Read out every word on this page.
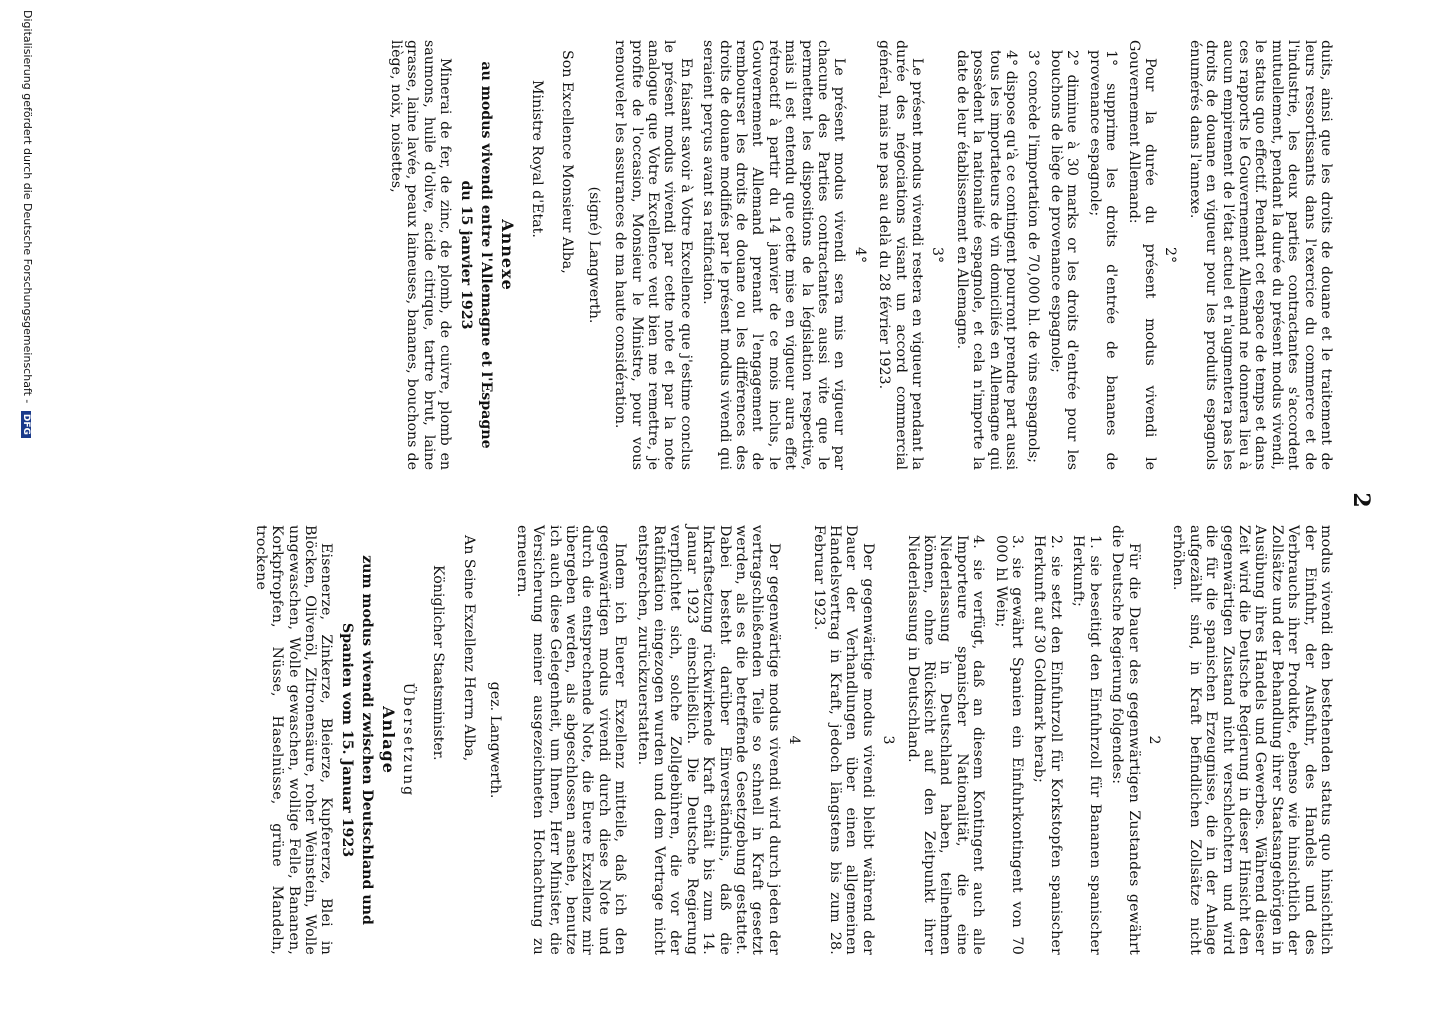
2

duits, ainsi que les droits de douane et le traitement de leurs ressortissants dans l'exercice du commerce et de l'industrie, les deux parties contractantes s'accordent mutuellement, pendant la durée du présent modus vivendi, le status quo effectif. Pendant cet espace de temps et dans ces rapports le Gouvernement Allemand ne donnera lieu à aucun empirement de l'état actuel et n'augmentera pas les droits de douane en vigueur pour les produits espagnols énumérés dans l'annexe.

2°

Pour la durée du présent modus vivendi le Gouvernement Allemand:

1° supprime les droits d'entrée de bananes de provenance espagnole;

2° diminue à 30 marks or les droits d'entrée pour les bouchons de liège de provenance espagnole;

3° concède l'importation de 70,000 hl. de vins espagnols;

4° dispose qu'à ce contingent pourront prendre part aussi tous les importateurs de vin domiciliés en Allemagne qui possèdent la nationalité espagnole, et cela n'importe la date de leur établissement en Allemagne.

3°

Le présent modus vivendi restera en vigueur pendant la durée des négociations visant un accord commercial général, mais ne pas au delà du 28 février 1923.

4°

Le présent modus vivendi sera mis en vigueur par chacune des Parties contractantes aussi vite que le permettent les dispositions de la législation respective, mais il est entendu que cette mise en vigueur aura effet rétroactif à partir du 14 janvier de ce mois inclus, le Gouvernement Allemand prenant l'engagement de rembourser les droits de douane ou les différences des droits de douane modifiés par le présent modus vivendi qui seraient perçus avant sa ratification.

En faisant savoir à Votre Excellence que j'estime conclus le présent modus vivendi par cette note et par la note analogue que Votre Excellence veut bien me remettre, je profite de l'occasion, Monsieur le Ministre, pour vous renouveler les assurances de ma haute considération.

(signé) Langwerth.
Son Excellence Monsieur Alba,
Ministre Royal d'Etat.
Annexe
au modus vivendi entre l'Allemagne et l'Espagne
du 15 janvier 1923

Minerai de fer, de zinc, de plomb, de cuivre, plomb en saumons, huile d'olive, acide citrique, tartre brut, laine grasse, laine lavée, peaux laineuses, bananes, bouchons de liège, noix, noisettes,

modus vivendi den bestehenden status quo hinsichtlich der Einfuhr, der Ausfuhr, des Handels und des Verbrauchs ihrer Produkte, ebenso wie hinsichtlich der Zollsätze und der Behandlung ihrer Staatsangehörigen in Ausübung ihres Handels und Gewerbes. Während dieser Zeit wird die Deutsche Regierung in dieser Hinsicht den gegenwärtigen Zustand nicht verschlechtern und wird die für die spanischen Erzeugnisse, die in der Anlage aufgezählt sind, in Kraft befindlichen Zollsätze nicht erhöhen.

2

Für die Dauer des gegenwärtigen Zustandes gewährt die Deutsche Regierung folgendes:

1. sie beseitigt den Einfuhrzoll für Bananen spanischer Herkunft;

2. sie setzt den Einfuhrzoll für Korkstopfen spanischer Herkunft auf 30 Goldmark herab;

3. sie gewährt Spanien ein Einfuhrkontingent von 70 000 hl Wein;

4. sie verfügt, daß an diesem Kontingent auch alle Importeure spanischer Nationalität, die eine Niederlassung in Deutschland haben, teilnehmen können, ohne Rücksicht auf den Zeitpunkt ihrer Niederlassung in Deutschland.

3

Der gegenwärtige modus vivendi bleibt während der Dauer der Verhandlungen über einen allgemeinen Handelsvertrag in Kraft, jedoch längstens bis zum 28. Februar 1923.

4

Der gegenwärtige modus vivendi wird durch jeden der vertragschließenden Teile so schnell in Kraft gesetzt werden, als es die betreffende Gesetzgebung gestattet. Dabei besteht darüber Einverständnis, daß die Inkraftsetzung rückwirkende Kraft erhält bis zum 14. Januar 1923 einschließlich. Die Deutsche Regierung verpflichtet sich, solche Zollgebühren, die vor der Ratifikation eingezogen wurden und dem Vertrage nicht entsprechen, zurückzuerstatten.

Indem ich Euerer Exzellenz mitteile, daß ich den gegenwärtigen modus vivendi durch diese Note und durch die entsprechende Note, die Euere Exzellenz mir übergeben werden, als abgeschlossen ansehe, benutze ich auch diese Gelegenheit, um Ihnen, Herr Minister, die Versicherung meiner ausgezeichneten Hochachtung zu erneuern.

gez. Langwerth.
An Seine Exzellenz Herrn Alba,
Königlicher Staatsminister.
Übersetzung
Anlage
zum modus vivendi zwischen Deutschland und
Spanien vom 15. Januar 1923

Eisenerze, Zinkerze, Bleierze, Kupfererze, Blei in Blöcken, Olivenöl, Zitronensäure, roher Weinstein, Wolle ungewaschen, Wolle gewaschen, wollige Felle, Bananen, Korkpfropfen, Nüsse, Haselnüsse, grüne Mandeln, trockene

Digitalisierung gefördert durch die Deutsche Forschungsgemeinschaft - DFG
